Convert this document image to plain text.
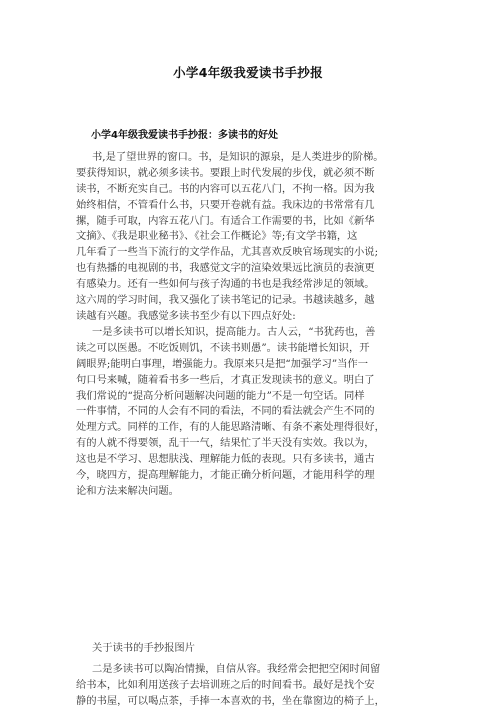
小学4年级我爱读书手抄报
小学4年级我爱读书手抄报：多读书的好处
书,是了望世界的窗口。书，是知识的源泉，是人类进步的阶梯。
要获得知识，就必须多读书。要跟上时代发展的步伐，就必须不断
读书，不断充实自己。书的内容可以五花八门，不拘一格。因为我
始终相信，不管看什么书，只要开卷就有益。我床边的书常常有几
摞，随手可取，内容五花八门。有适合工作需要的书，比如《新华
文摘》、《我是职业秘书》、《社会工作概论》等;有文学书籍，这
几年看了一些当下流行的文学作品，尤其喜欢反映官场现实的小说;
也有热播的电视剧的书，我感觉文字的渲染效果远比演员的表演更
有感染力。还有一些如何与孩子沟通的书也是我经常涉足的领域。
这六周的学习时间，我又强化了读书笔记的记录。书越读越多，越
读越有兴趣。我感觉多读书至少有以下四点好处:
一是多读书可以增长知识，提高能力。古人云，“书犹药也，善
读之可以医愚。不吃饭则饥，不读书则愚”。读书能增长知识，开
阔眼界;能明白事理，增强能力。我原来只是把“加强学习”当作一
句口号来喊，随着看书多一些后，才真正发现读书的意义。明白了
我们常说的“提高分析问题解决问题的能力”不是一句空话。同样
一件事情，不同的人会有不同的看法，不同的看法就会产生不同的
处理方式。同样的工作，有的人能思路清晰、有条不紊处理得很好，
有的人就不得要领，乱干一气，结果忙了半天没有实效。我以为，
这也是不学习、思想肤浅、理解能力低的表现。只有多读书，通古
今，晓四方，提高理解能力，才能正确分析问题，才能用科学的理
论和方法来解决问题。
关于读书的手抄报图片
二是多读书可以陶冶情操，自信从容。我经常会把把空闲时间留
给书本，比如利用送孩子去培训班之后的时间看书。最好是找个安
静的书屋，可以喝点茶，手捧一本喜欢的书，坐在靠窗边的椅子上，
